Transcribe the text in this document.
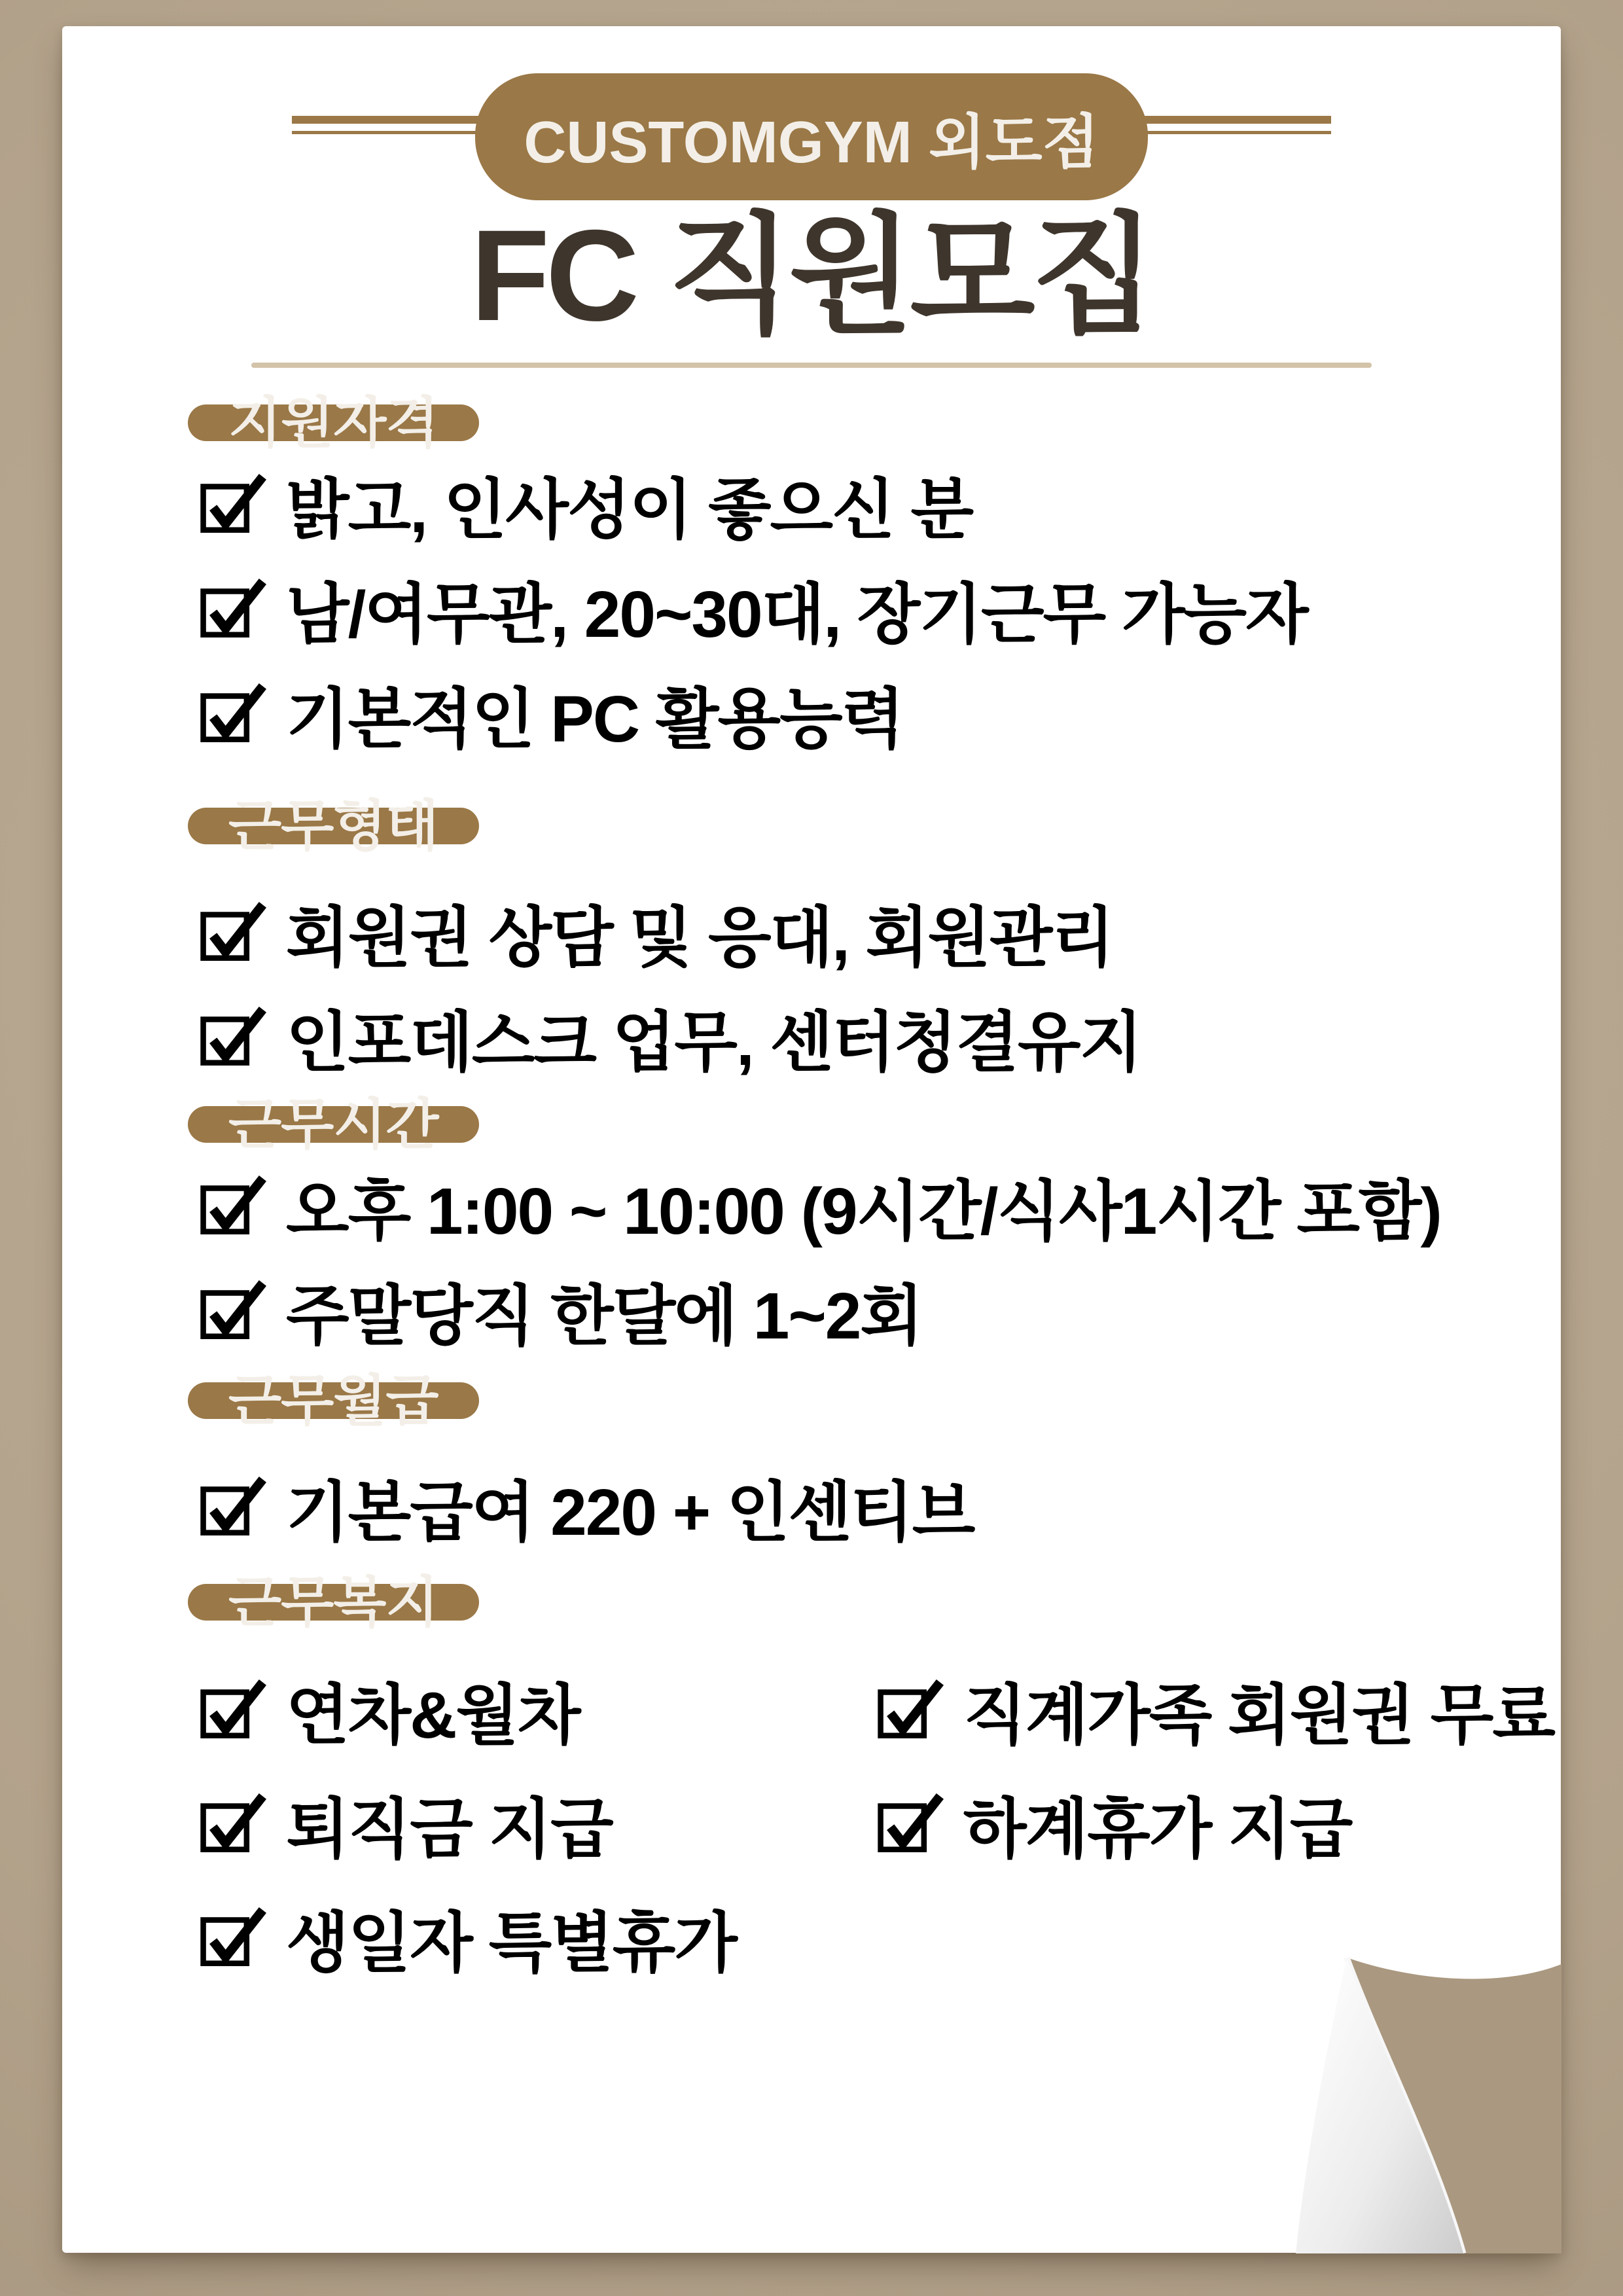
CUSTOMGYM 외도점
FC 직원모집
지원자격
밝고, 인사성이 좋으신 분
남/여무관, 20~30대, 장기근무 가능자
기본적인 PC 활용능력
근무형태
회원권 상담 및 응대, 회원관리
인포데스크 업무, 센터청결유지
근무시간
오후 1:00 ~ 10:00 (9시간/식사1시간 포함)
주말당직 한달에 1~2회
근무월급
기본급여 220 + 인센티브
근무복지
연차&월차	직계가족 회원권 무료
퇴직금 지급	하계휴가 지급
생일자 특별휴가
